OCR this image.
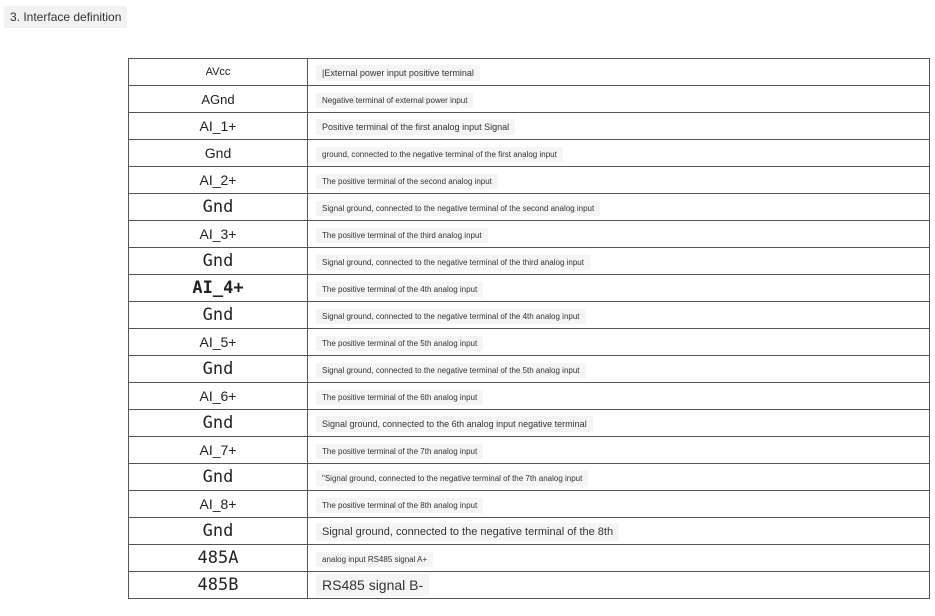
3. Interface definition
AVcc	|External power input positive terminal
AGnd	Negative terminal of external power input
AI_1+	Positive terminal of the first analog input Signal
Gnd	ground, connected to the negative terminal of the first analog input
AI_2+	The positive terminal of the second analog input
Gnd	Signal ground, connected to the negative terminal of the second analog input
AI_3+	The positive terminal of the third analog input
Gnd	Signal ground, connected to the negative terminal of the third analog input
AI_4+	The positive terminal of the 4th analog input
Gnd	Signal ground, connected to the negative terminal of the 4th analog input
AI_5+	The positive terminal of the 5th analog input
Gnd	Signal ground, connected to the negative terminal of the 5th analog input
AI_6+	The positive terminal of the 6th analog input
Gnd	Signal ground, connected to the 6th analog input negative terminal
AI_7+	The positive terminal of the 7th analog input
Gnd	"Signal ground, connected to the negative terminal of the 7th analog input
AI_8+	The positive terminal of the 8th analog input
Gnd	Signal ground, connected to the negative terminal of the 8th
485A	analog input RS485 signal A+
485B	RS485 signal B-
